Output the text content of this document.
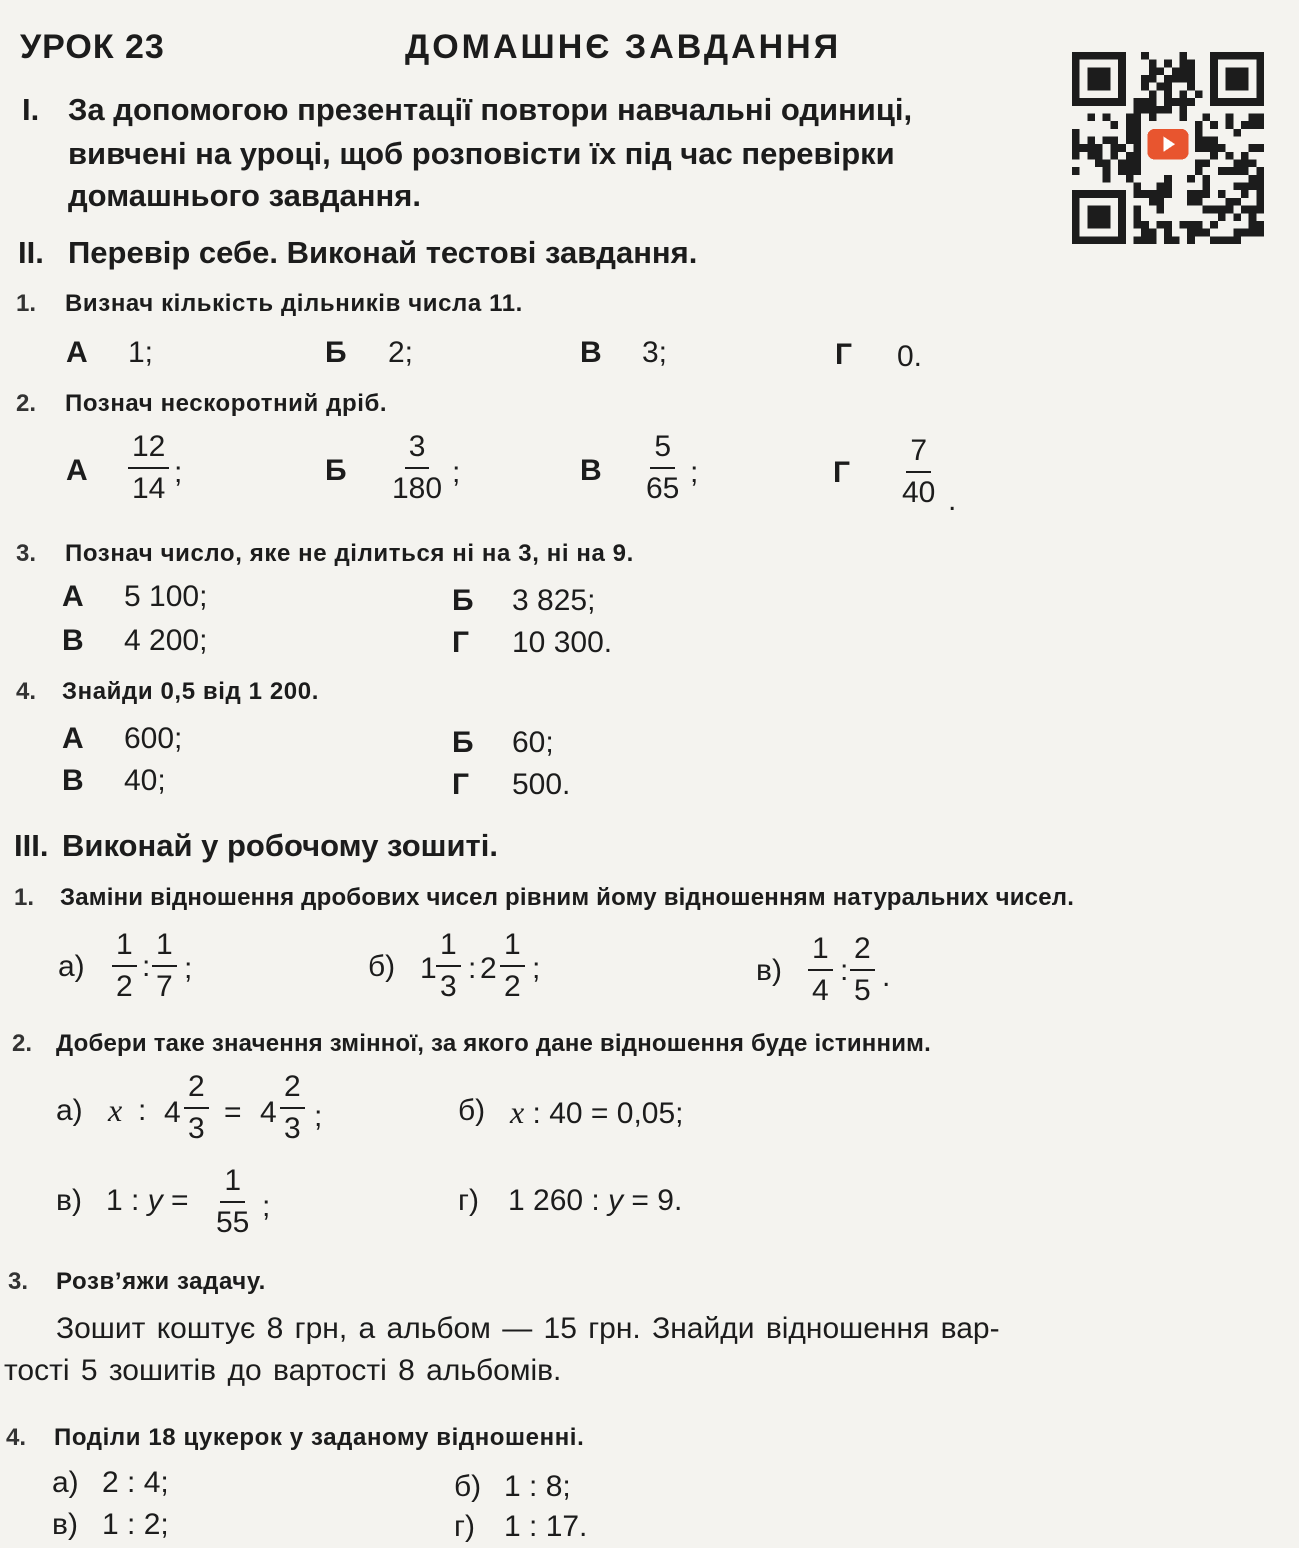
УРОК 23	ДОМАШНЄ ЗАВДАННЯ
I. За допомогою презентації повтори навчальні одиниці,
вивчені на уроці, щоб розповісти їх під час перевірки
домашнього завдання.
II. Перевір себе. Виконай тестові завдання.
1. Визнач кількість дільників числа 11.
А 1;	Б 2;	В 3;	Г 0.
2. Познач нескоротний дріб.
А
12
14 ;	Б
3
180 ;	В
5
65 ;	Г
7
40 .
3. Познач число, яке не ділиться ні на 3, ні на 9.
А 5 100;	Б 3 825;
В 4 200;	Г 10 300.
4. Знайди 0,5 від 1 200.
А 600;	Б 60;
В 40;	Г 500.
III. Виконай у робочому зошиті.
1. Заміни відношення дробових чисел рівним йому відношенням натуральних чисел.
а)
1
2
:
1
7
;	б) 1
1
3
: 2
1
2
;	в)
1
4
:
2
5 .
2. Добери таке значення змінної, за якого дане відношення буде істинним.
а) x : 4
2
3 = 4
2
3 ;	б) x : 40 = 0,05;
в) 1 : y =
1
55 ;	г) 1 260 : y = 9.
3. Розв’яжи задачу.
Зошит коштує 8 грн, а альбом — 15 грн. Знайди відношення вар-
тості 5 зошитів до вартості 8 альбомів.
4. Поділи 18 цукерок у заданому відношенні.
а) 2 : 4;	б) 1 : 8;
в) 1 : 2;	г) 1 : 17.
